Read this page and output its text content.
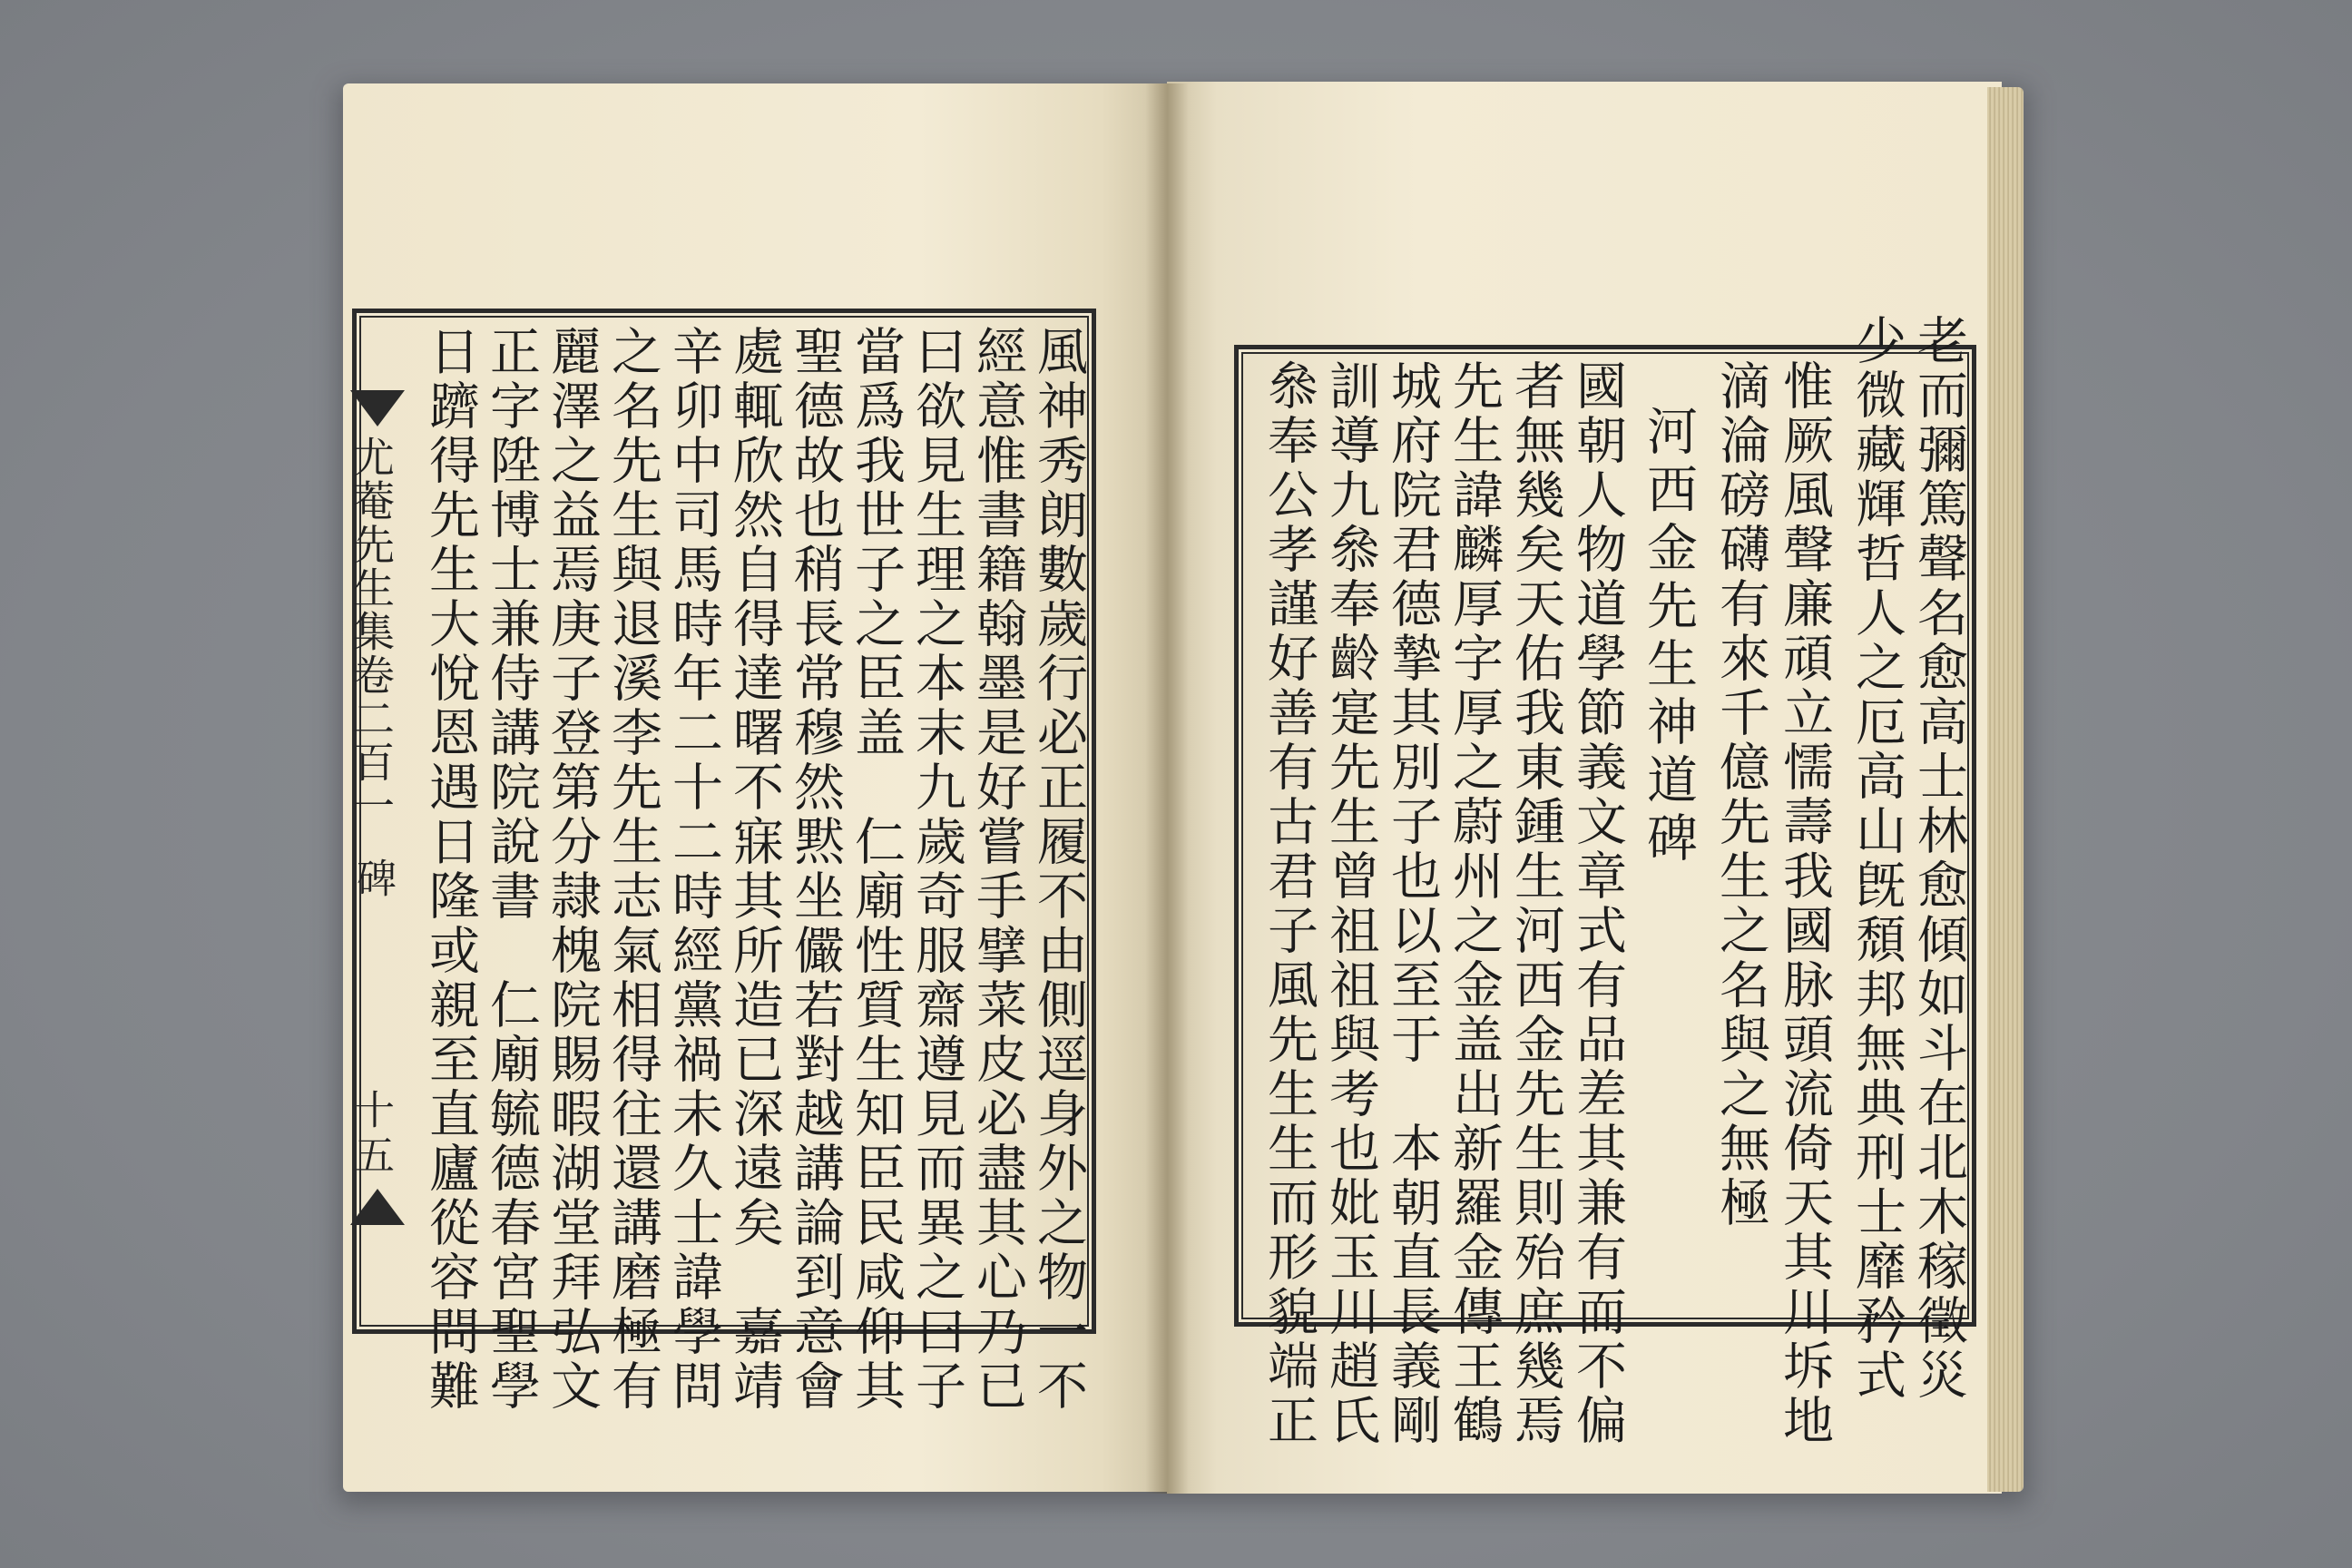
尤菴先生集卷二百一
碑
十五	風神秀朗數歲行必正履不由側逕身外之物一不
經意惟書籍翰墨是好嘗手擘菜皮必盡其心乃已
曰欲見生理之本末九歲奇服齋遵見而異之曰子
當爲我世子之臣盖　仁廟性質生知臣民咸仰其
聖德故也稍長常穆然黙坐儼若對越講論到意會
處輒欣然自得達曙不寐其所造已深遠矣　嘉靖
辛卯中司馬時年二十二時經黨禍未久士諱學問
之名先生與退溪李先生志氣相得往還講磨極有
麗澤之益焉庚子登第分隷槐院賜暇湖堂拜弘文
正字陞博士兼侍講院說書　仁廟毓德春宮聖學
日躋得先生大悅恩遇日隆或親至直廬從容問難	老而彌篤聲名愈高士林愈傾如斗在北木稼徵災
少微藏輝哲人之厄高山旣頹邦無典刑士靡矜式
惟厥風聲廉頑立懦壽我國脉頭流倚天其川坼地
滴淪磅礴有來千億先生之名與之無極
河西金先生神道碑
國朝人物道學節義文章式有品差其兼有而不偏
者無幾矣天佑我東鍾生河西金先生則殆庶幾焉
先生諱麟厚字厚之蔚州之金盖出新羅金傳王鶴
城府院君德摯其別子也以至于　本朝直長義剛
訓導九叅奉齡寔先生曾祖祖與考也妣玉川趙氏
叅奉公孝謹好善有古君子風先生生而形貌端正
